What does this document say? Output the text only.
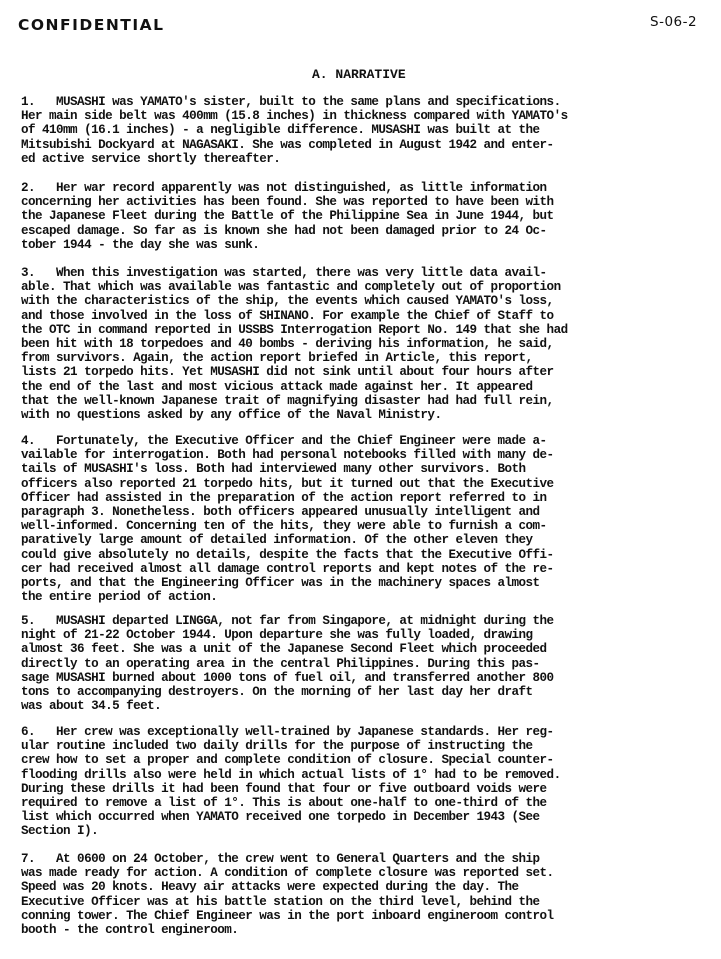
CONFIDENTIAL	S-06-2
A. NARRATIVE

1.   MUSASHI was YAMATO's sister, built to the same plans and specifications.
Her main side belt was 400mm (15.8 inches) in thickness compared with YAMATO's
of 410mm (16.1 inches) - a negligible difference. MUSASHI was built at the
Mitsubishi Dockyard at NAGASAKI. She was completed in August 1942 and enter-
ed active service shortly thereafter.

2.   Her war record apparently was not distinguished, as little information
concerning her activities has been found. She was reported to have been with
the Japanese Fleet during the Battle of the Philippine Sea in June 1944, but
escaped damage. So far as is known she had not been damaged prior to 24 Oc-
tober 1944 - the day she was sunk.

3.   When this investigation was started, there was very little data avail-
able. That which was available was fantastic and completely out of proportion
with the characteristics of the ship, the events which caused YAMATO's loss,
and those involved in the loss of SHINANO. For example the Chief of Staff to
the OTC in command reported in USSBS Interrogation Report No. 149 that she had
been hit with 18 torpedoes and 40 bombs - deriving his information, he said,
from survivors. Again, the action report briefed in Article, this report,
lists 21 torpedo hits. Yet MUSASHI did not sink until about four hours after
the end of the last and most vicious attack made against her. It appeared
that the well-known Japanese trait of magnifying disaster had had full rein,
with no questions asked by any office of the Naval Ministry.

4.   Fortunately, the Executive Officer and the Chief Engineer were made a-
vailable for interrogation. Both had personal notebooks filled with many de-
tails of MUSASHI's loss. Both had interviewed many other survivors. Both
officers also reported 21 torpedo hits, but it turned out that the Executive
Officer had assisted in the preparation of the action report referred to in
paragraph 3. Nonetheless. both officers appeared unusually intelligent and
well-informed. Concerning ten of the hits, they were able to furnish a com-
paratively large amount of detailed information. Of the other eleven they
could give absolutely no details, despite the facts that the Executive Offi-
cer had received almost all damage control reports and kept notes of the re-
ports, and that the Engineering Officer was in the machinery spaces almost
the entire period of action.

5.   MUSASHI departed LINGGA, not far from Singapore, at midnight during the
night of 21-22 October 1944. Upon departure she was fully loaded, drawing
almost 36 feet. She was a unit of the Japanese Second Fleet which proceeded
directly to an operating area in the central Philippines. During this pas-
sage MUSASHI burned about 1000 tons of fuel oil, and transferred another 800
tons to accompanying destroyers. On the morning of her last day her draft
was about 34.5 feet.

6.   Her crew was exceptionally well-trained by Japanese standards. Her reg-
ular routine included two daily drills for the purpose of instructing the
crew how to set a proper and complete condition of closure. Special counter-
flooding drills also were held in which actual lists of 1° had to be removed.
During these drills it had been found that four or five outboard voids were
required to remove a list of 1°. This is about one-half to one-third of the
list which occurred when YAMATO received one torpedo in December 1943 (See
Section I).

7.   At 0600 on 24 October, the crew went to General Quarters and the ship
was made ready for action. A condition of complete closure was reported set.
Speed was 20 knots. Heavy air attacks were expected during the day. The
Executive Officer was at his battle station on the third level, behind the
conning tower. The Chief Engineer was in the port inboard engineroom control
booth - the control engineroom.
